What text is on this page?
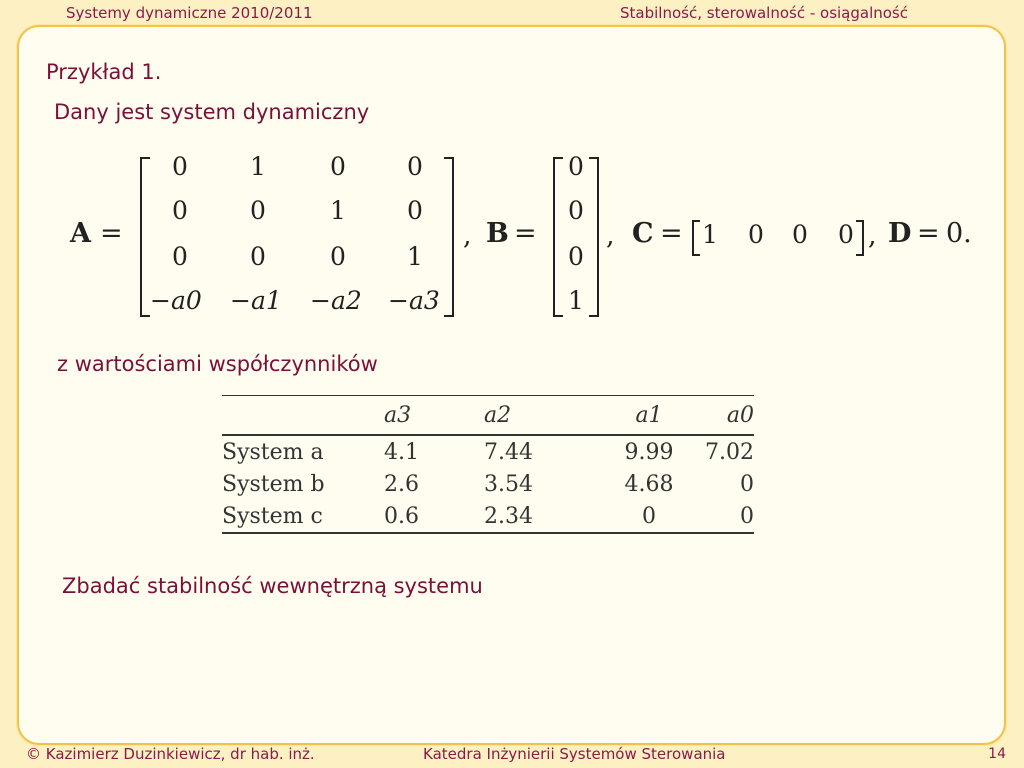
Systemy dynamiczne 2010/2011	Stabilność, sterowalność - osiągalność
Przykład 1.
Dany jest system dynamiczny
A =
0 1	0 0
0 0	1 0
0 0	0 1
−a0 −a1 −a2 −a3
, B =
0
0
0
1
, C = 1 0 0 0 , D = 0.
z wartościami współczynników
	a3	a2	a1	a0
System a	4.1	7.44	9.99	7.02
System b	2.6	3.54	4.68	0
System c	0.6	2.34	0	0
Zbadać stabilność wewnętrzną systemu
© Kazimierz Duzinkiewicz, dr hab. inż.	Katedra Inżynierii Systemów Sterowania	14
